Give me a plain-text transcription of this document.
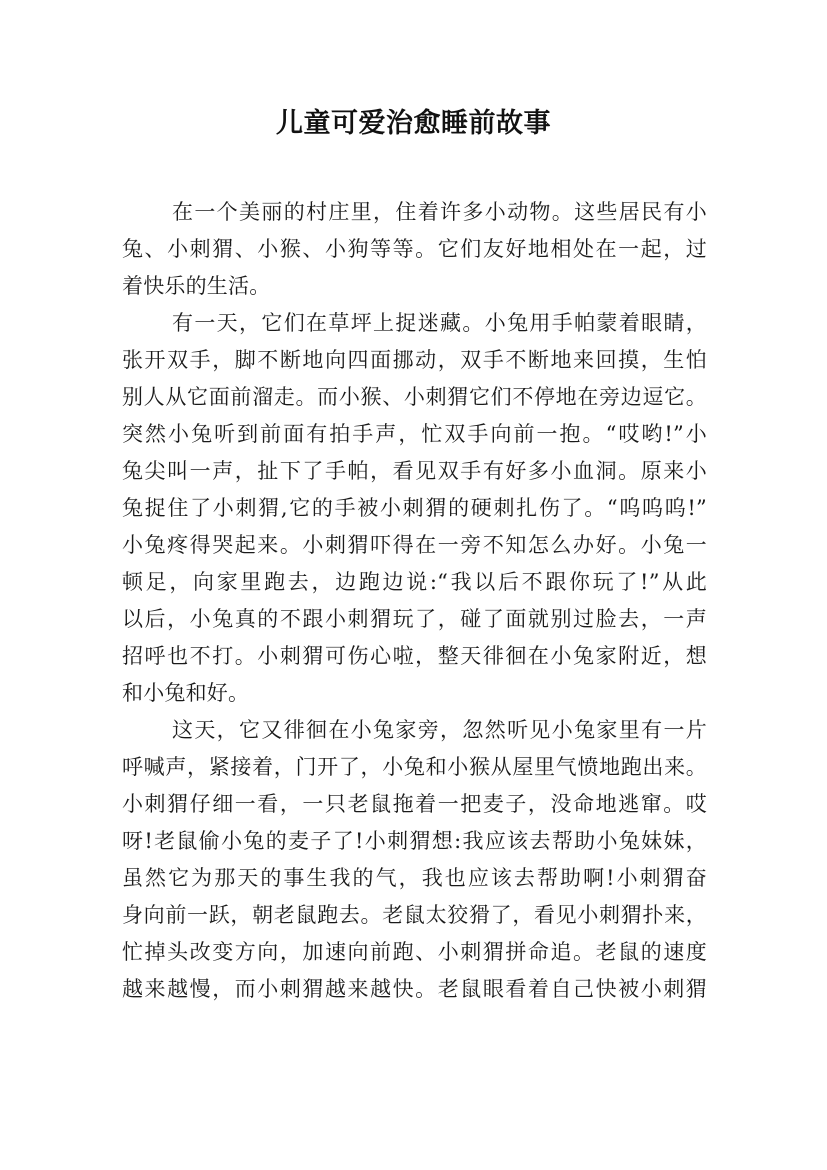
儿童可爱治愈睡前故事
在一个美丽的村庄里，住着许多小动物。这些居民有小
兔、小刺猬、小猴、小狗等等。它们友好地相处在一起，过
着快乐的生活。
有一天，它们在草坪上捉迷藏。小兔用手帕蒙着眼睛，
张开双手，脚不断地向四面挪动，双手不断地来回摸，生怕
别人从它面前溜走。而小猴、小刺猬它们不停地在旁边逗它。
突然小兔听到前面有拍手声，忙双手向前一抱。“哎哟!”小
兔尖叫一声，扯下了手帕，看见双手有好多小血洞。原来小
兔捉住了小刺猬,它的手被小刺猬的硬刺扎伤了。“呜呜呜!”
小兔疼得哭起来。小刺猬吓得在一旁不知怎么办好。小兔一
顿足，向家里跑去，边跑边说:“我以后不跟你玩了!”从此
以后，小兔真的不跟小刺猬玩了，碰了面就别过脸去，一声
招呼也不打。小刺猬可伤心啦，整天徘徊在小兔家附近，想
和小兔和好。
这天，它又徘徊在小兔家旁，忽然听见小兔家里有一片
呼喊声，紧接着，门开了，小兔和小猴从屋里气愤地跑出来。
小刺猬仔细一看，一只老鼠拖着一把麦子，没命地逃窜。哎
呀!老鼠偷小兔的麦子了!小刺猬想:我应该去帮助小兔妹妹，
虽然它为那天的事生我的气，我也应该去帮助啊!小刺猬奋
身向前一跃，朝老鼠跑去。老鼠太狡猾了，看见小刺猬扑来，
忙掉头改变方向，加速向前跑、小刺猬拼命追。老鼠的速度
越来越慢，而小刺猬越来越快。老鼠眼看着自己快被小刺猬
